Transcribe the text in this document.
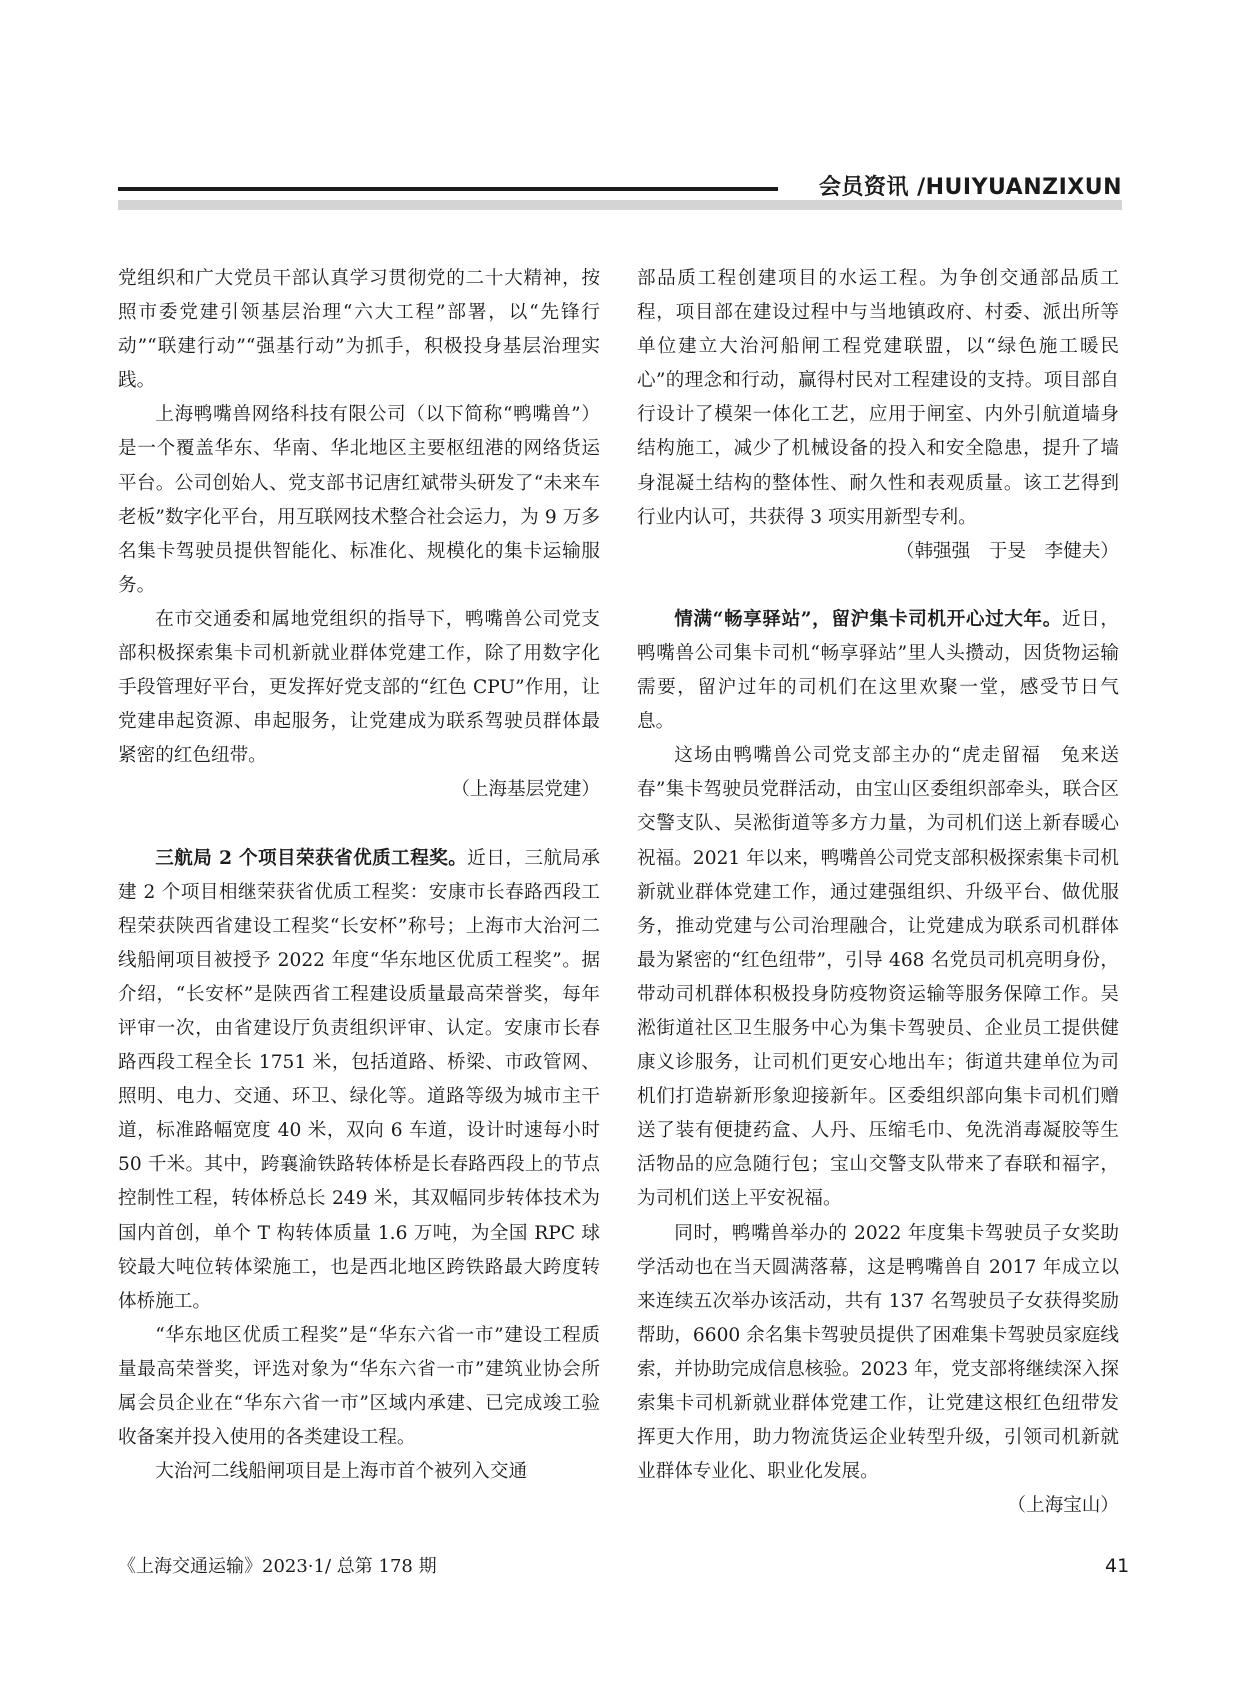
会员资讯 /HUIYUANZIXUN

党组织和广大党员干部认真学习贯彻党的二十大精神，按照市委党建引领基层治理“六大工程”部署，以“先锋行动”“联建行动”“强基行动”为抓手，积极投身基层治理实践。

上海鸭嘴兽网络科技有限公司（以下简称“鸭嘴兽”）是一个覆盖华东、华南、华北地区主要枢纽港的网络货运平台。公司创始人、党支部书记唐红斌带头研发了“未来车老板”数字化平台，用互联网技术整合社会运力，为 9 万多名集卡驾驶员提供智能化、标准化、规模化的集卡运输服务。

在市交通委和属地党组织的指导下，鸭嘴兽公司党支部积极探索集卡司机新就业群体党建工作，除了用数字化手段管理好平台，更发挥好党支部的“红色 CPU”作用，让党建串起资源、串起服务，让党建成为联系驾驶员群体最紧密的红色纽带。

（上海基层党建）

三航局 2 个项目荣获省优质工程奖。近日，三航局承建 2 个项目相继荣获省优质工程奖：安康市长春路西段工程荣获陕西省建设工程奖“长安杯”称号；上海市大治河二线船闸项目被授予 2022 年度“华东地区优质工程奖”。据介绍，“长安杯”是陕西省工程建设质量最高荣誉奖，每年评审一次，由省建设厅负责组织评审、认定。安康市长春路西段工程全长 1751 米，包括道路、桥梁、市政管网、照明、电力、交通、环卫、绿化等。道路等级为城市主干道，标准路幅宽度 40 米，双向 6 车道，设计时速每小时 50 千米。其中，跨襄渝铁路转体桥是长春路西段上的节点控制性工程，转体桥总长 249 米，其双幅同步转体技术为国内首创，单个 T 构转体质量 1.6 万吨，为全国 RPC 球铰最大吨位转体梁施工，也是西北地区跨铁路最大跨度转体桥施工。

“华东地区优质工程奖”是“华东六省一市”建设工程质量最高荣誉奖，评选对象为“华东六省一市”建筑业协会所属会员企业在“华东六省一市”区域内承建、已完成竣工验收备案并投入使用的各类建设工程。

大治河二线船闸项目是上海市首个被列入交通

部品质工程创建项目的水运工程。为争创交通部品质工程，项目部在建设过程中与当地镇政府、村委、派出所等单位建立大治河船闸工程党建联盟，以“绿色施工暖民心”的理念和行动，赢得村民对工程建设的支持。项目部自行设计了模架一体化工艺，应用于闸室、内外引航道墙身结构施工，减少了机械设备的投入和安全隐患，提升了墙身混凝土结构的整体性、耐久性和表观质量。该工艺得到行业内认可，共获得 3 项实用新型专利。

（韩强强　于旻　李健夫）

情满“畅享驿站”，留沪集卡司机开心过大年。近日，鸭嘴兽公司集卡司机“畅享驿站”里人头攒动，因货物运输需要，留沪过年的司机们在这里欢聚一堂，感受节日气息。

这场由鸭嘴兽公司党支部主办的“虎走留福　兔来送春”集卡驾驶员党群活动，由宝山区委组织部牵头，联合区交警支队、吴淞街道等多方力量，为司机们送上新春暖心祝福。2021 年以来，鸭嘴兽公司党支部积极探索集卡司机新就业群体党建工作，通过建强组织、升级平台、做优服务，推动党建与公司治理融合，让党建成为联系司机群体最为紧密的“红色纽带”，引导 468 名党员司机亮明身份，带动司机群体积极投身防疫物资运输等服务保障工作。吴淞街道社区卫生服务中心为集卡驾驶员、企业员工提供健康义诊服务，让司机们更安心地出车；街道共建单位为司机们打造崭新形象迎接新年。区委组织部向集卡司机们赠送了装有便捷药盒、人丹、压缩毛巾、免洗消毒凝胶等生活物品的应急随行包；宝山交警支队带来了春联和福字，为司机们送上平安祝福。

同时，鸭嘴兽举办的 2022 年度集卡驾驶员子女奖助学活动也在当天圆满落幕，这是鸭嘴兽自 2017 年成立以来连续五次举办该活动，共有 137 名驾驶员子女获得奖励帮助，6600 余名集卡驾驶员提供了困难集卡驾驶员家庭线索，并协助完成信息核验。2023 年，党支部将继续深入探索集卡司机新就业群体党建工作，让党建这根红色纽带发挥更大作用，助力物流货运企业转型升级，引领司机新就业群体专业化、职业化发展。

（上海宝山）

《上海交通运输》2023·1/ 总第 178 期	41
